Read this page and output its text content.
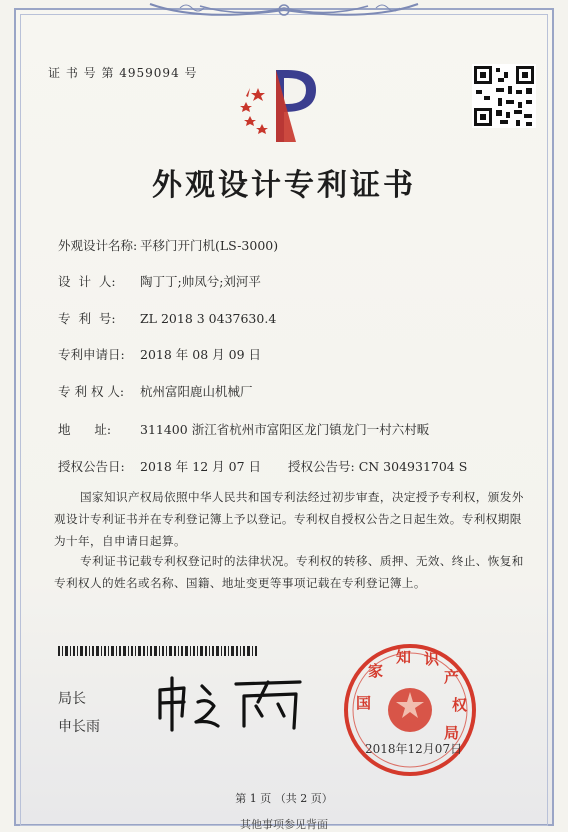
证 书 号 第 4959094 号
外观设计专利证书
外观设计名称: 平移门开门机(LS-3000)
设  计  人: 陶丁丁;帅凤兮;刘河平
专  利  号: ZL 2018 3 0437630.4
专利申请日: 2018 年 08 月 09 日
专 利 权 人: 杭州富阳鹿山机械厂
地      址: 311400 浙江省杭州市富阳区龙门镇龙门一村六村畈
授权公告日: 2018 年 12 月 07 日 授权公告号: CN 304931704 S
国家知识产权局依照中华人民共和国专利法经过初步审查，决定授予专利权，颁发外观设计专利证书并在专利登记簿上予以登记。专利权自授权公告之日起生效。专利权期限为十年，自申请日起算。
专利证书记载专利权登记时的法律状况。专利权的转移、质押、无效、终止、恢复和专利权人的姓名或名称、国籍、地址变更等事项记载在专利登记簿上。
局长
申长雨
国
家
知 识
产
权
局
2018年12月07日
第 1 页 （共 2 页）
其他事项参见背面
